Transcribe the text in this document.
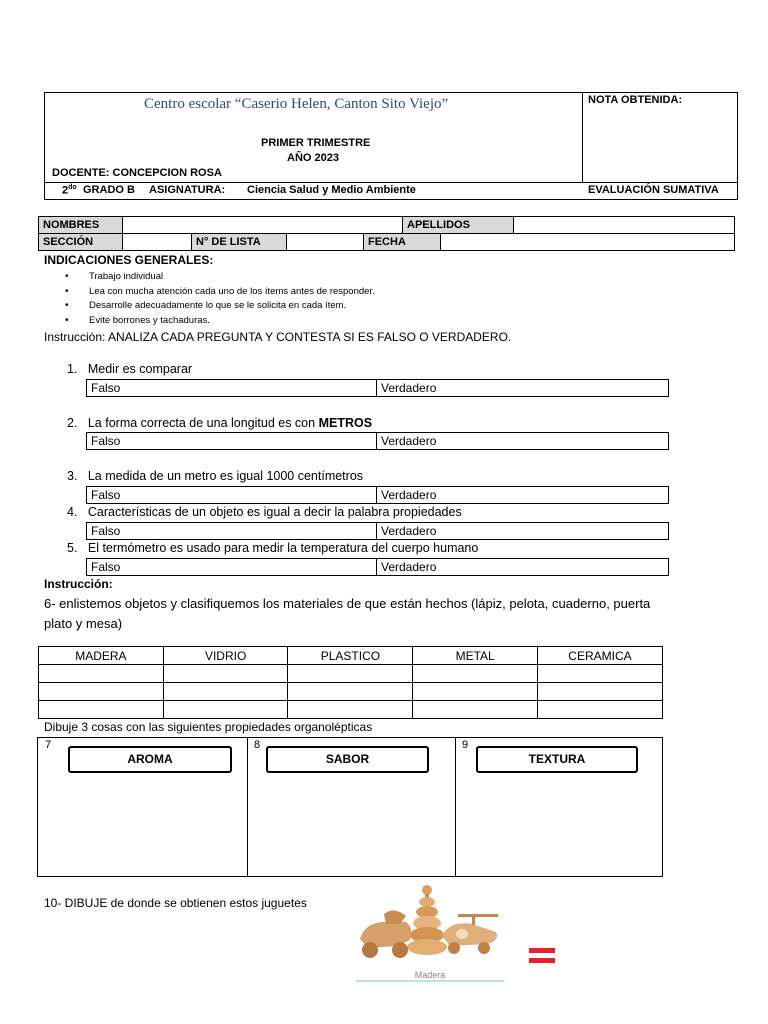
Centro escolar “Caserio Helen, Canton Sito Viejo”	NOTA OBTENIDA:
PRIMER TRIMESTRE
AÑO 2023
DOCENTE: CONCEPCION ROSA
$2^{do}$ GRADO B ASIGNATURA: Ciencia Salud y Medio Ambiente	EVALUACIÓN SUMATIVA
NOMBRES	APELLIDOS
SECCIÓN	N° DE LISTA	FECHA
INDICACIONES GENERALES:
• Trabajo individual
• Lea con mucha atención cada uno de los ítems antes de responder.
• Desarrolle adecuadamente lo que se le solicita en cada ítem.
• Evite borrones y tachaduras.
Instrucción: ANALIZA CADA PREGUNTA Y CONTESTA SI ES FALSO O VERDADERO.
1. Medir es comparar
Falso	Verdadero
2. La forma correcta de una longitud es con METROS
Falso	Verdadero
3. La medida de un metro es igual 1000 centímetros
Falso	Verdadero
4. Características de un objeto es igual a decir la palabra propiedades
Falso	Verdadero
5. El termómetro es usado para medir la temperatura del cuerpo humano
Falso	Verdadero
Instrucción:
6- enlistemos objetos y clasifiquemos los materiales de que están hechos (lápiz, pelota, cuaderno, puerta plato y mesa)
MADERA	VIDRIO	PLASTICO	METAL	CERAMICA

Dibuje 3 cosas con las siguientes propiedades organolépticas
7
AROMA
8
SABOR
9
TEXTURA
10- DIBUJE de donde se obtienen estos juguetes
Madera
